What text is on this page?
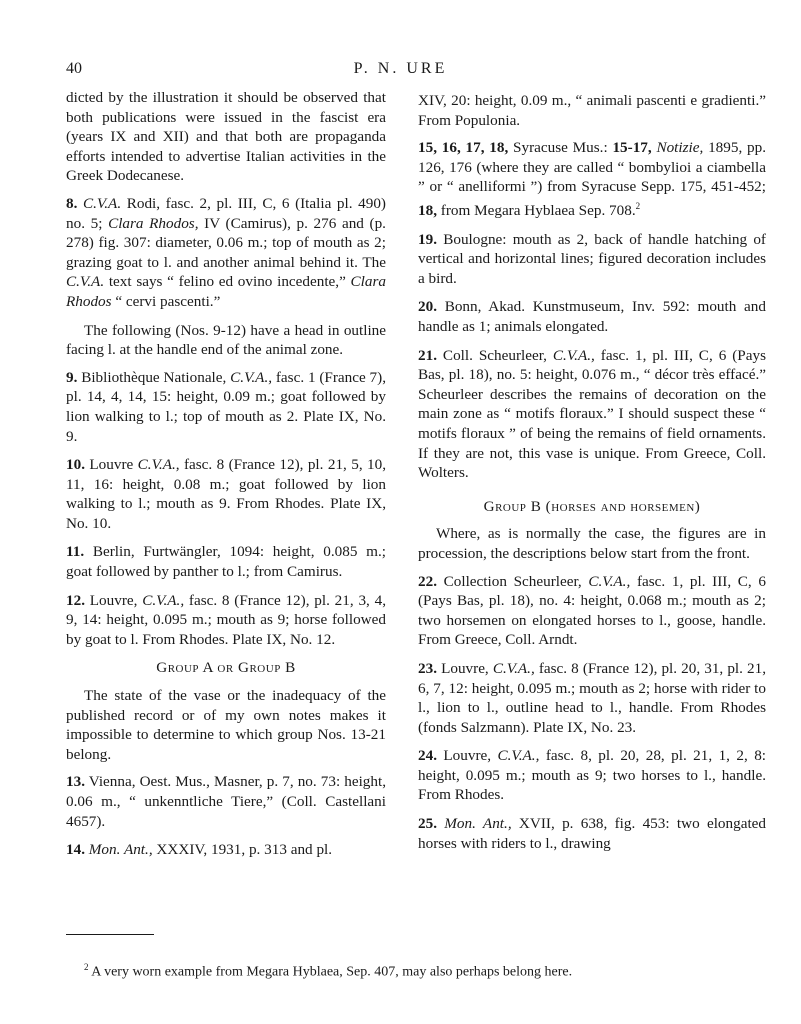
40	P. N. URE

dicted by the illustration it should be observed that both publications were issued in the fascist era (years IX and XII) and that both are propaganda efforts intended to advertise Italian activities in the Greek Dodecanese.

8. C.V.A. Rodi, fasc. 2, pl. III, C, 6 (Italia pl. 490) no. 5; Clara Rhodos, IV (Camirus), p. 276 and (p. 278) fig. 307: diameter, 0.06 m.; top of mouth as 2; grazing goat to l. and another animal behind it. The C.V.A. text says “ felino ed ovino incedente,” Clara Rhodos “ cervi pascenti.”

The following (Nos. 9-12) have a head in outline facing l. at the handle end of the animal zone.

9. Bibliothèque Nationale, C.V.A., fasc. 1 (France 7), pl. 14, 4, 14, 15: height, 0.09 m.; goat followed by lion walking to l.; top of mouth as 2. Plate IX, No. 9.

10. Louvre C.V.A., fasc. 8 (France 12), pl. 21, 5, 10, 11, 16: height, 0.08 m.; goat followed by lion walking to l.; mouth as 9. From Rhodes. Plate IX, No. 10.

11. Berlin, Furtwängler, 1094: height, 0.085 m.; goat followed by panther to l.; from Camirus.

12. Louvre, C.V.A., fasc. 8 (France 12), pl. 21, 3, 4, 9, 14: height, 0.095 m.; mouth as 9; horse followed by goat to l. From Rhodes. Plate IX, No. 12.

Group A or Group B

The state of the vase or the inadequacy of the published record or of my own notes makes it impossible to determine to which group Nos. 13-21 belong.

13. Vienna, Oest. Mus., Masner, p. 7, no. 73: height, 0.06 m., “ unkenntliche Tiere,” (Coll. Castellani 4657).

14. Mon. Ant., XXXIV, 1931, p. 313 and pl.

XIV, 20: height, 0.09 m., “ animali pascenti e gradienti.” From Populonia.

15, 16, 17, 18, Syracuse Mus.: 15-17, Notizie, 1895, pp. 126, 176 (where they are called “ bombylioi a ciambella ” or “ anelliformi ”) from Syracuse Sepp. 175, 451-452; 18, from Megara Hyblaea Sep. 708.$^2$

19. Boulogne: mouth as 2, back of handle hatching of vertical and horizontal lines; figured decoration includes a bird.

20. Bonn, Akad. Kunstmuseum, Inv. 592: mouth and handle as 1; animals elongated.

21. Coll. Scheurleer, C.V.A., fasc. 1, pl. III, C, 6 (Pays Bas, pl. 18), no. 5: height, 0.076 m., “ décor très effacé.” Scheurleer describes the remains of decoration on the main zone as “ motifs floraux.” I should suspect these “ motifs floraux ” of being the remains of field ornaments. If they are not, this vase is unique. From Greece, Coll. Wolters.

Group B (horses and horsemen)

Where, as is normally the case, the figures are in procession, the descriptions below start from the front.

22. Collection Scheurleer, C.V.A., fasc. 1, pl. III, C, 6 (Pays Bas, pl. 18), no. 4: height, 0.068 m.; mouth as 2; two horsemen on elongated horses to l., goose, handle. From Greece, Coll. Arndt.

23. Louvre, C.V.A., fasc. 8 (France 12), pl. 20, 31, pl. 21, 6, 7, 12: height, 0.095 m.; mouth as 2; horse with rider to l., lion to l., outline head to l., handle. From Rhodes (fonds Salzmann). Plate IX, No. 23.

24. Louvre, C.V.A., fasc. 8, pl. 20, 28, pl. 21, 1, 2, 8: height, 0.095 m.; mouth as 9; two horses to l., handle. From Rhodes.

25. Mon. Ant., XVII, p. 638, fig. 453: two elongated horses with riders to l., drawing

$^2$ A very worn example from Megara Hyblaea, Sep. 407, may also perhaps belong here.
